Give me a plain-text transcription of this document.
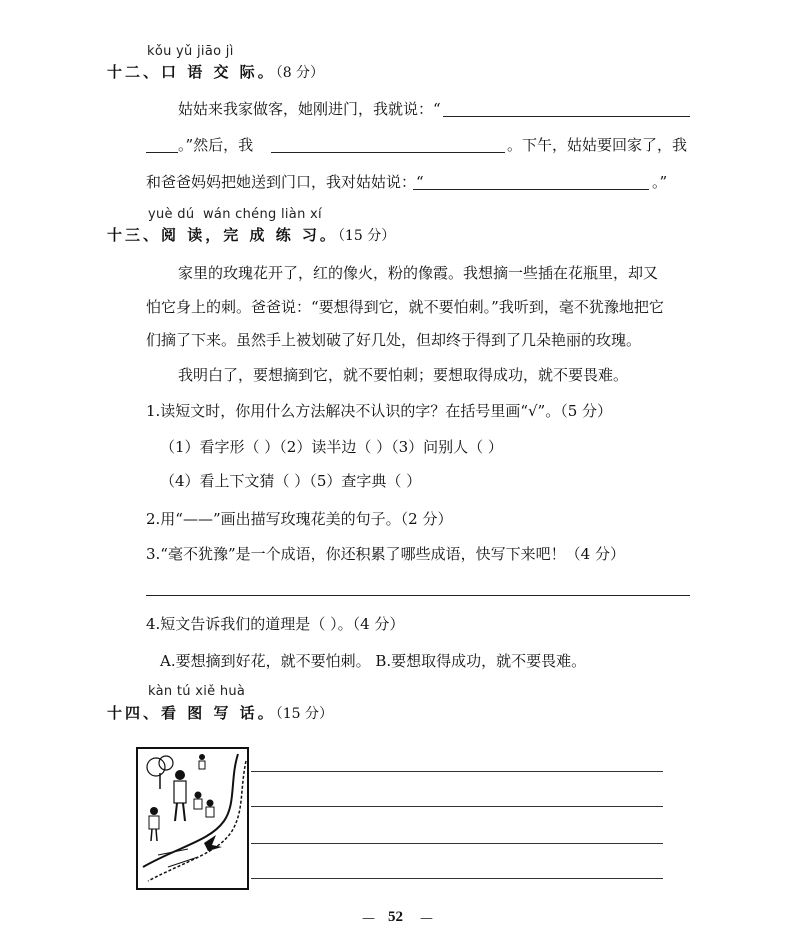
kǒu yǔ jiāo jì
十二、口 语 交 际。（8 分）
姑姑来我家做客，她刚进门，我就说：“
。”然后，我	。下午，姑姑要回家了，我
和爸爸妈妈把她送到门口，我对姑姑说：“	。”
yuè dú wán chéng liàn xí
十三、阅 读，完 成 练 习。（15 分）
家里的玫瑰花开了，红的像火，粉的像霞。我想摘一些插在花瓶里，却又
怕它身上的刺。爸爸说：“要想得到它，就不要怕刺。”我听到，毫不犹豫地把它
们摘了下来。虽然手上被划破了好几处，但却终于得到了几朵艳丽的玫瑰。
我明白了，要想摘到它，就不要怕刺；要想取得成功，就不要畏难。
1.读短文时，你用什么方法解决不认识的字？在括号里画“√”。（5 分）
（1）看字形（ ）（2）读半边（ ）（3）问别人（ ）
（4）看上下文猜（ ）（5）查字典（ ）
2.用“——”画出描写玫瑰花美的句子。（2 分）
3.“毫不犹豫”是一个成语，你还积累了哪些成语，快写下来吧！（4 分）
4.短文告诉我们的道理是（ ）。（4 分）
A.要想摘到好花，就不要怕刺。 B.要想取得成功，就不要畏难。
kàn tú xiě huà
十四、看 图 写 话。（15 分）
— 52 —
